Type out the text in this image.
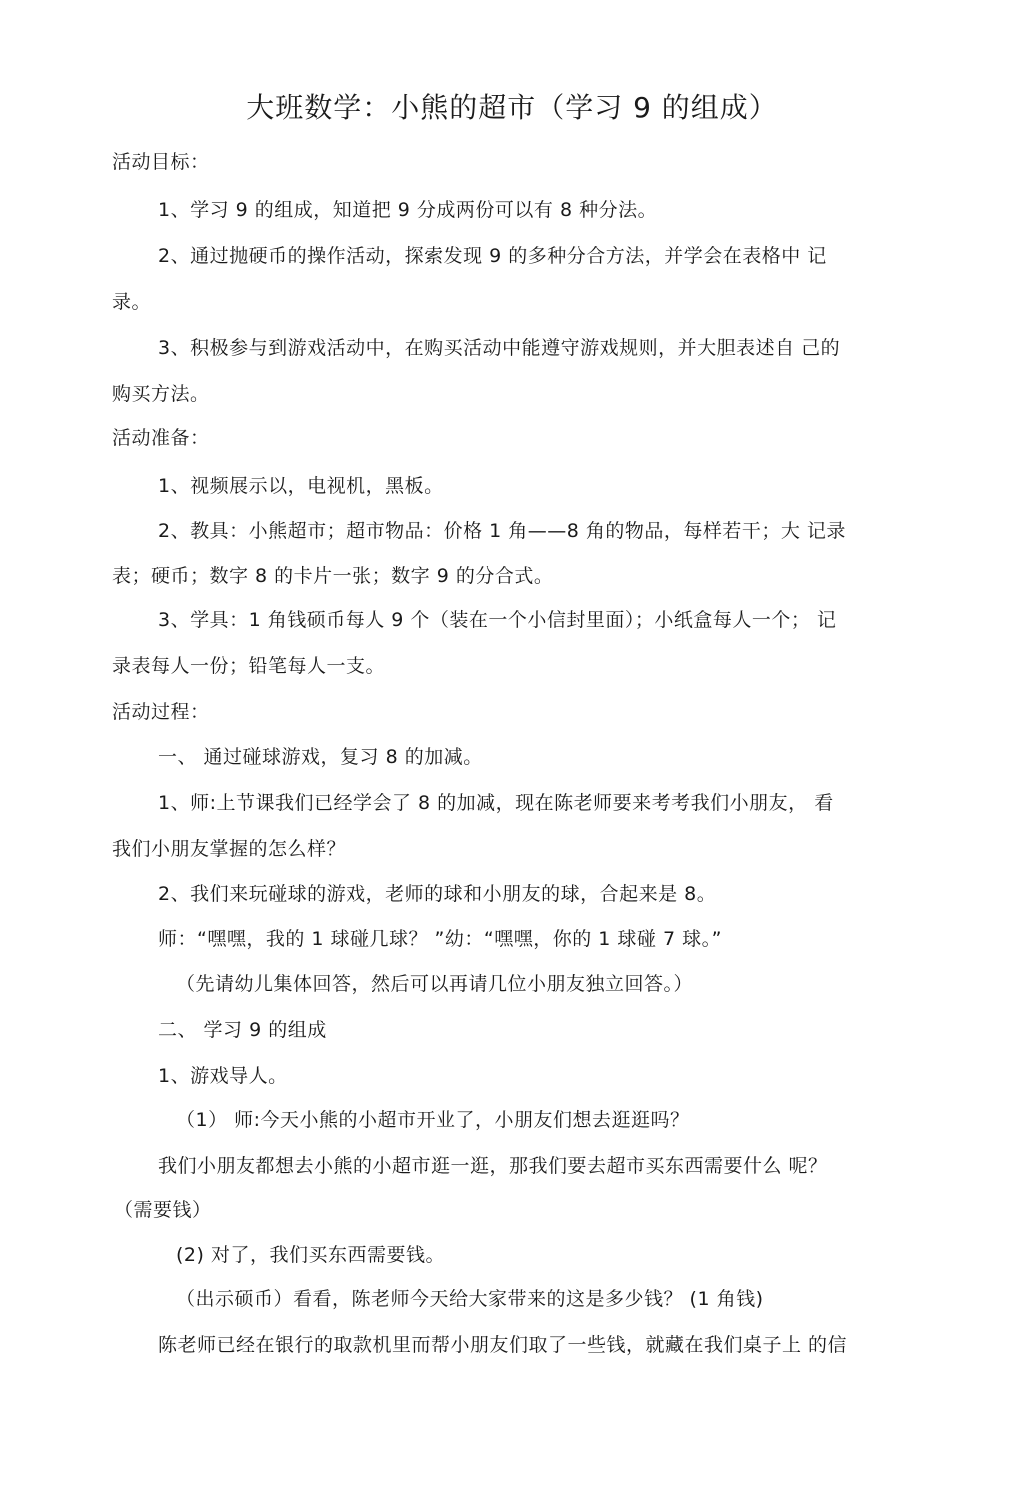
大班数学：小熊的超市（学习 9 的组成）
活动目标：
1、学习 9 的组成，知道把 9 分成两份可以有 8 种分法。
2、通过抛硬币的操作活动，探索发现 9 的多种分合方法，并学会在表格中 记
录。
3、积极参与到游戏活动中，在购买活动中能遵守游戏规则，并大胆表述自 己的
购买方法。
活动准备：
1、视频展示以，电视机，黑板。
2、教具：小熊超市；超市物品：价格 1 角——8 角的物品，每样若干；大 记录
表；硬币；数字 8 的卡片一张；数字 9 的分合式。
3、学具：1 角钱硕币每人 9 个（装在一个小信封里面）；小纸盒每人一个； 记
录表每人一份；铅笔每人一支。
活动过程：
一、 通过碰球游戏，复习 8 的加减。
1、师:上节课我们已经学会了 8 的加减，现在陈老师要来考考我们小朋友， 看
我们小朋友掌握的怎么样？
2、我们来玩碰球的游戏，老师的球和小朋友的球，合起来是 8。
师：“嘿嘿，我的 1 球碰几球？ ”幼：“嘿嘿，你的 1 球碰 7 球。”
（先请幼儿集体回答，然后可以再请几位小朋友独立回答。）
二、 学习 9 的组成
1、游戏导人。
（1） 师:今天小熊的小超市开业了，小朋友们想去逛逛吗？
我们小朋友都想去小熊的小超市逛一逛，那我们要去超市买东西需要什么 呢？
（需要钱）
(2) 对了，我们买东西需要钱。
（出示硕币）看看，陈老师今天给大家带来的这是多少钱？ (1 角钱)
陈老师已经在银行的取款机里而帮小朋友们取了一些钱，就藏在我们桌子上 的信
